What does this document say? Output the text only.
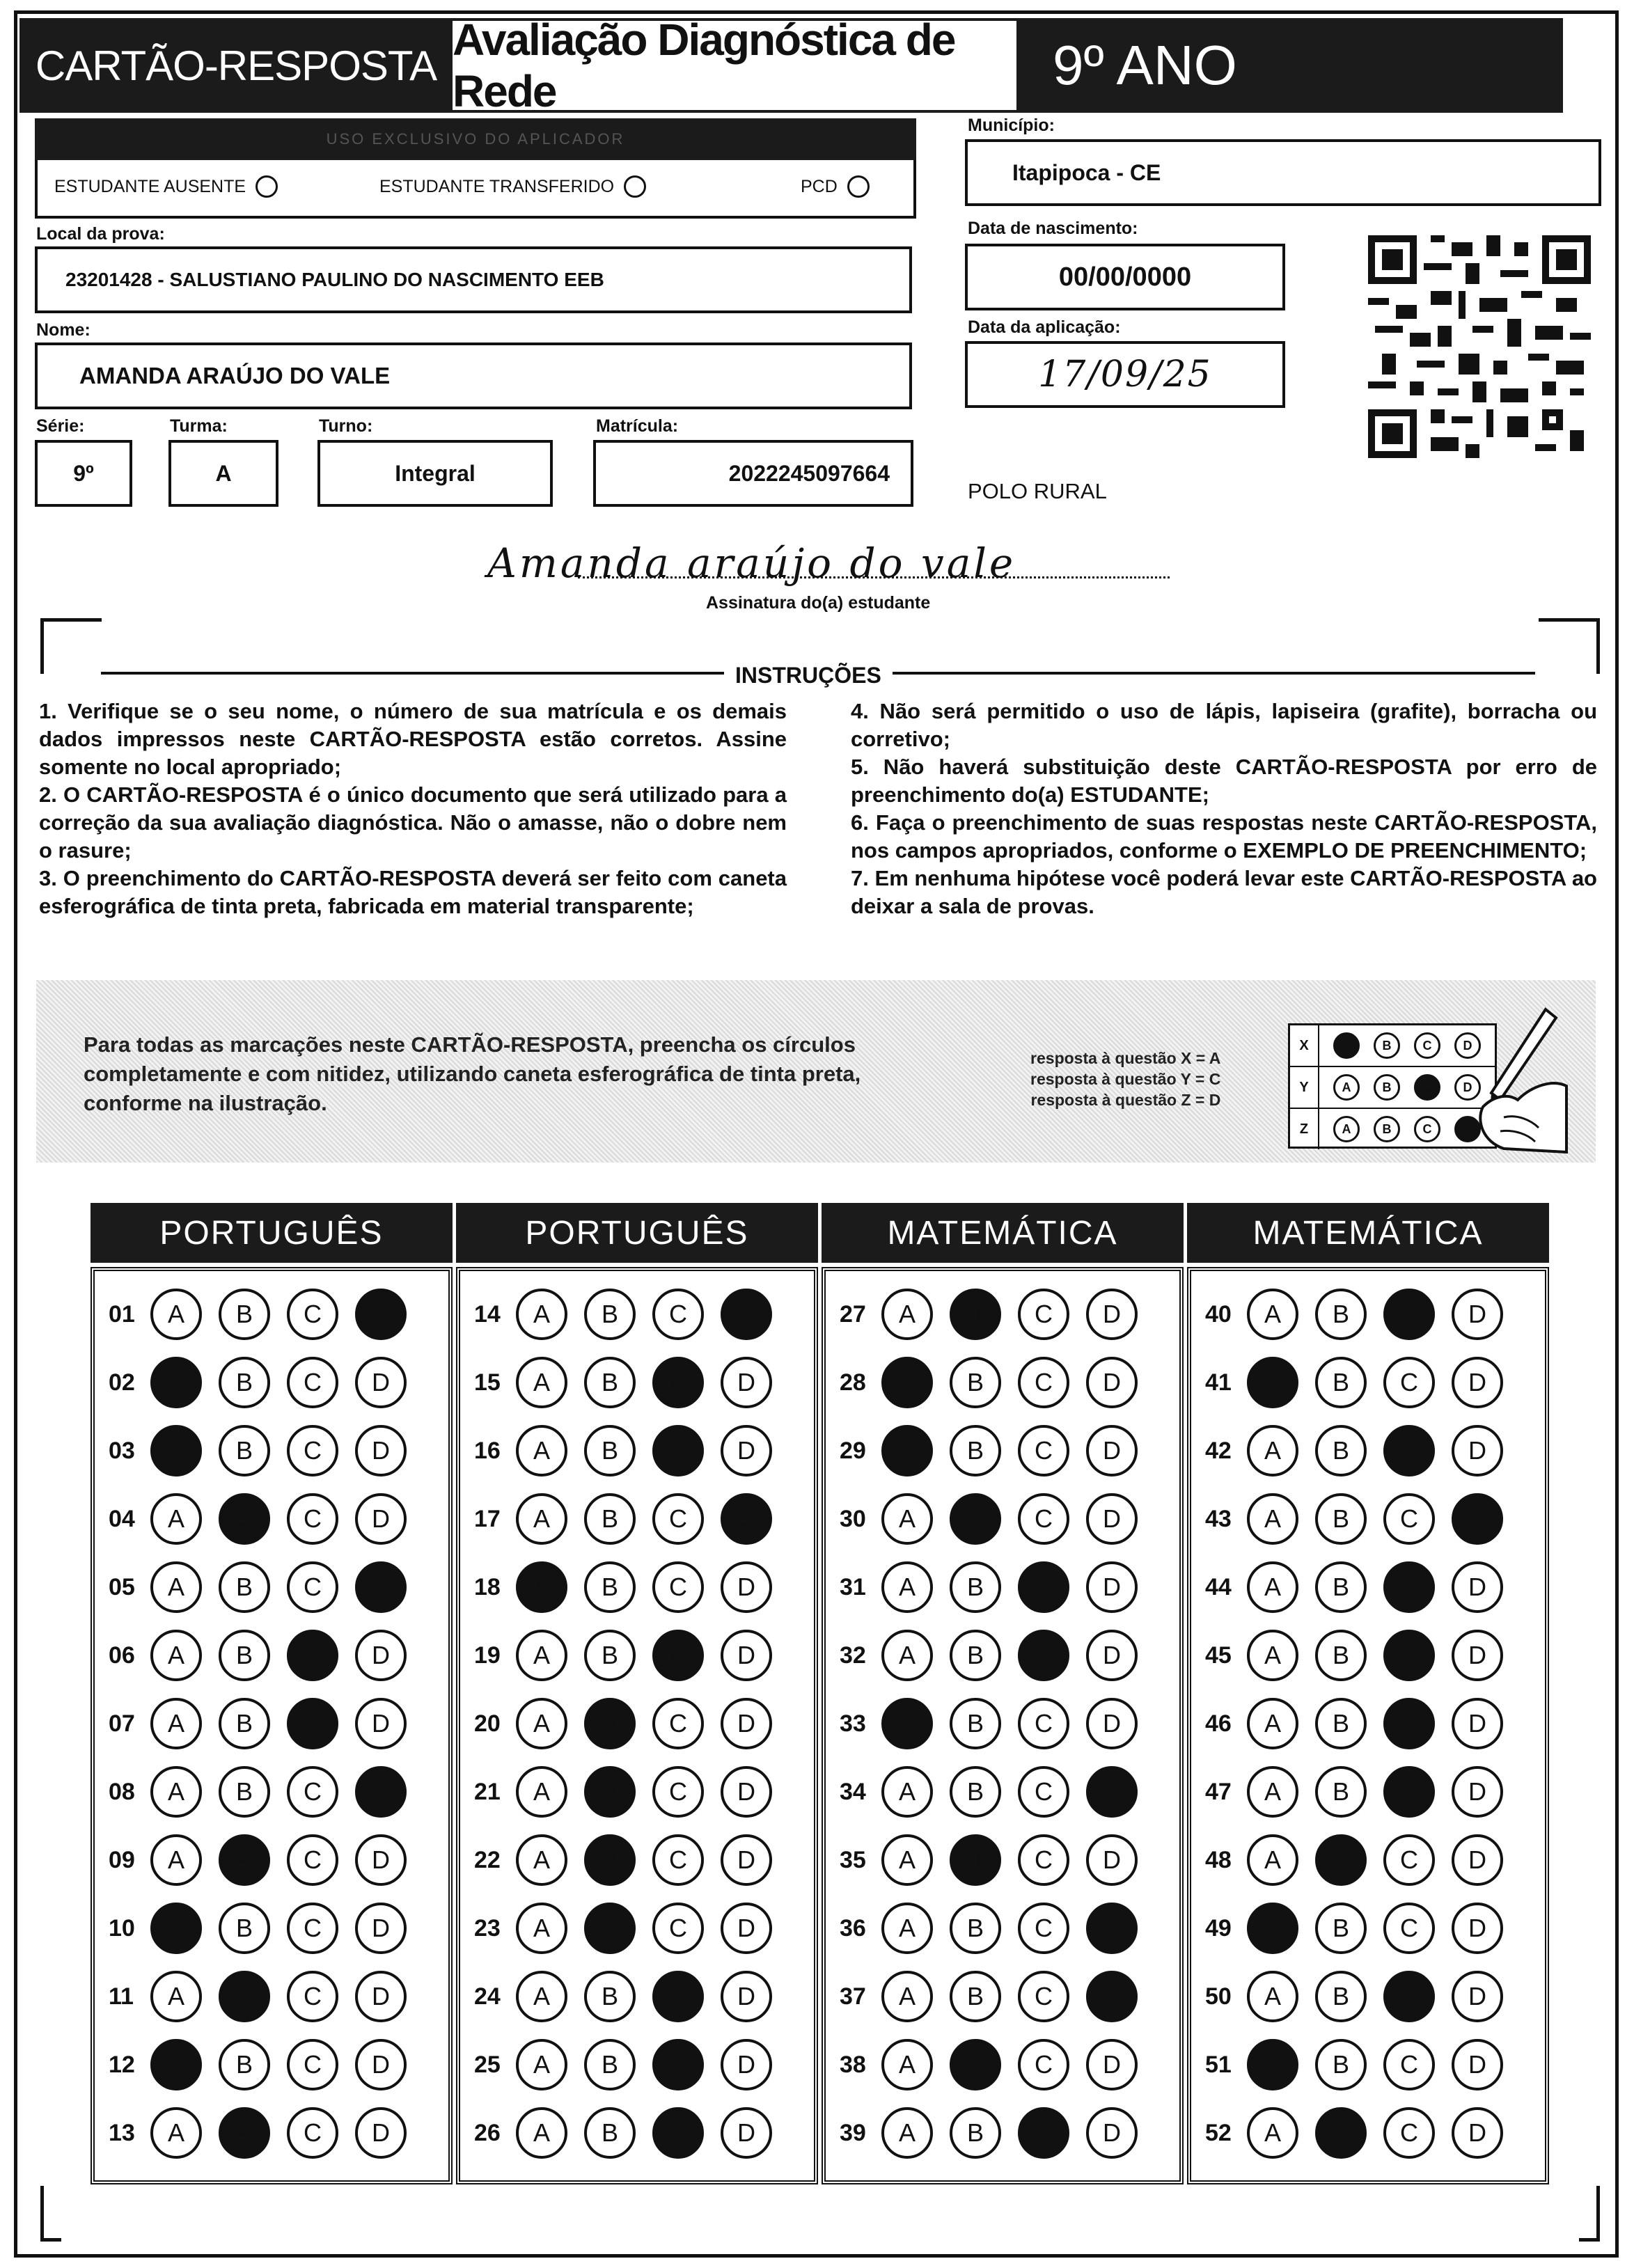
CARTÃO-RESPOSTA
Avaliação Diagnóstica de Rede	9º ANO
USO EXCLUSIVO DO APLICADOR
ESTUDANTE AUSENTE	ESTUDANTE TRANSFERIDO	PCD
Local da prova:
23201428 - SALUSTIANO PAULINO DO NASCIMENTO EEB
Nome:
AMANDA ARAÚJO DO VALE
Série:
9º
Turma:
A
Turno:
Integral
Matrícula:
2022245097664
Município:
Itapipoca - CE
Data de nascimento:
00/00/0000
Data da aplicação:
17/09/25
POLO RURAL
Amanda araújo do vale
Assinatura do(a) estudante
INSTRUÇÕES
1. Verifique se o seu nome, o número de sua matrícula e os demais dados impressos neste CARTÃO-RESPOSTA estão corretos. Assine somente no local apropriado;
2. O CARTÃO-RESPOSTA é o único documento que será utilizado para a correção da sua avaliação diagnóstica. Não o amasse, não o dobre nem o rasure;
3. O preenchimento do CARTÃO-RESPOSTA deverá ser feito com caneta esferográfica de tinta preta, fabricada em material transparente;
4. Não será permitido o uso de lápis, lapiseira (grafite), borracha ou corretivo;
5. Não haverá substituição deste CARTÃO-RESPOSTA por erro de preenchimento do(a) ESTUDANTE;
6. Faça o preenchimento de suas respostas neste CARTÃO-RESPOSTA, nos campos apropriados, conforme o EXEMPLO DE PREENCHIMENTO;
7. Em nenhuma hipótese você poderá levar este CARTÃO-RESPOSTA ao deixar a sala de provas.
Para todas as marcações neste CARTÃO-RESPOSTA, preencha os círculos completamente e com nitidez, utilizando caneta esferográfica de tinta preta, conforme na ilustração.
resposta à questão X = A
resposta à questão Y = C
resposta à questão Z = D
X	A	B	C	D
Y	A	B	C	D
Z	A	B	C	D
PORTUGUÊS
01	A	B	C	D
02	A	B	C	D
03	A	B	C	D
04	A	B	C	D
05	A	B	C	D
06	A	B	C	D
07	A	B	C	D
08	A	B	C	D
09	A	B	C	D
10	A	B	C	D
11	A	B	C	D
12	A	B	C	D
13	A	B	C	D
PORTUGUÊS
14	A	B	C	D
15	A	B	C	D
16	A	B	C	D
17	A	B	C	D
18	A	B	C	D
19	A	B	C	D
20	A	B	C	D
21	A	B	C	D
22	A	B	C	D
23	A	B	C	D
24	A	B	C	D
25	A	B	C	D
26	A	B	C	D
MATEMÁTICA
27	A	B	C	D
28	A	B	C	D
29	A	B	C	D
30	A	B	C	D
31	A	B	C	D
32	A	B	C	D
33	A	B	C	D
34	A	B	C	D
35	A	B	C	D
36	A	B	C	D
37	A	B	C	D
38	A	B	C	D
39	A	B	C	D
MATEMÁTICA
40	A	B	C	D
41	A	B	C	D
42	A	B	C	D
43	A	B	C	D
44	A	B	C	D
45	A	B	C	D
46	A	B	C	D
47	A	B	C	D
48	A	B	C	D
49	A	B	C	D
50	A	B	C	D
51	A	B	C	D
52	A	B	C	D
